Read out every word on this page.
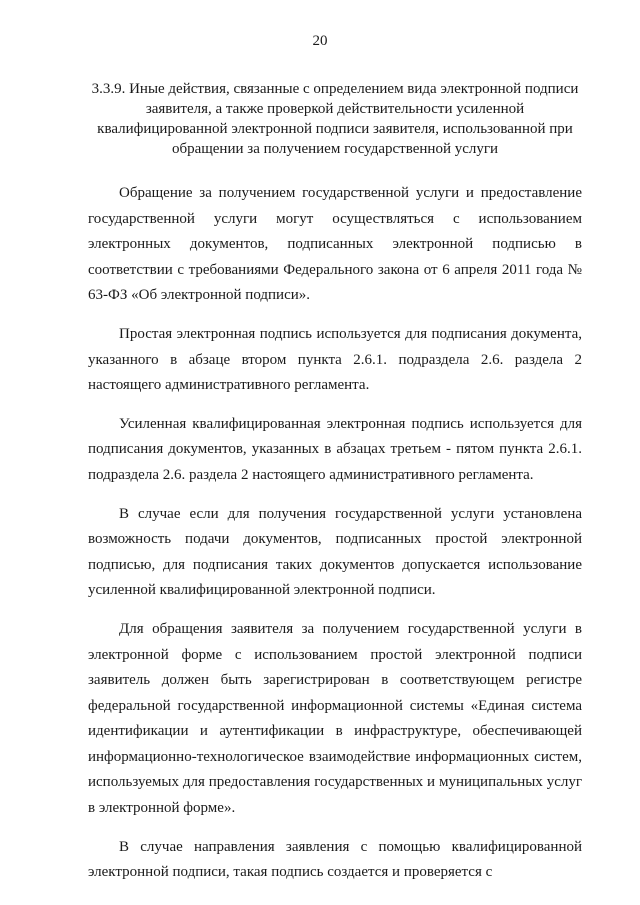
20
3.3.9. Иные действия, связанные с определением вида электронной подписи заявителя, а также проверкой действительности усиленной квалифицированной электронной подписи заявителя, использованной при обращении за получением государственной услуги

Обращение за получением государственной услуги и предоставление государственной услуги могут осуществляться с использованием электронных документов, подписанных электронной подписью в соответствии с требованиями Федерального закона от 6 апреля 2011 года № 63-ФЗ «Об электронной подписи».

Простая электронная подпись используется для подписания документа, указанного в абзаце втором пункта 2.6.1. подраздела 2.6. раздела 2 настоящего административного регламента.

Усиленная квалифицированная электронная подпись используется для подписания документов, указанных в абзацах третьем - пятом пункта 2.6.1. подраздела 2.6. раздела 2 настоящего административного регламента.

В случае если для получения государственной услуги установлена возможность подачи документов, подписанных простой электронной подписью, для подписания таких документов допускается использование усиленной квалифицированной электронной подписи.

Для обращения заявителя за получением государственной услуги в электронной форме с использованием простой электронной подписи заявитель должен быть зарегистрирован в соответствующем регистре федеральной государственной информационной системы «Единая система идентификации и аутентификации в инфраструктуре, обеспечивающей информационно-технологическое взаимодействие информационных систем, используемых для предоставления государственных и муниципальных услуг в электронной форме».

В случае направления заявления с помощью квалифицированной электронной подписи, такая подпись создается и проверяется с
